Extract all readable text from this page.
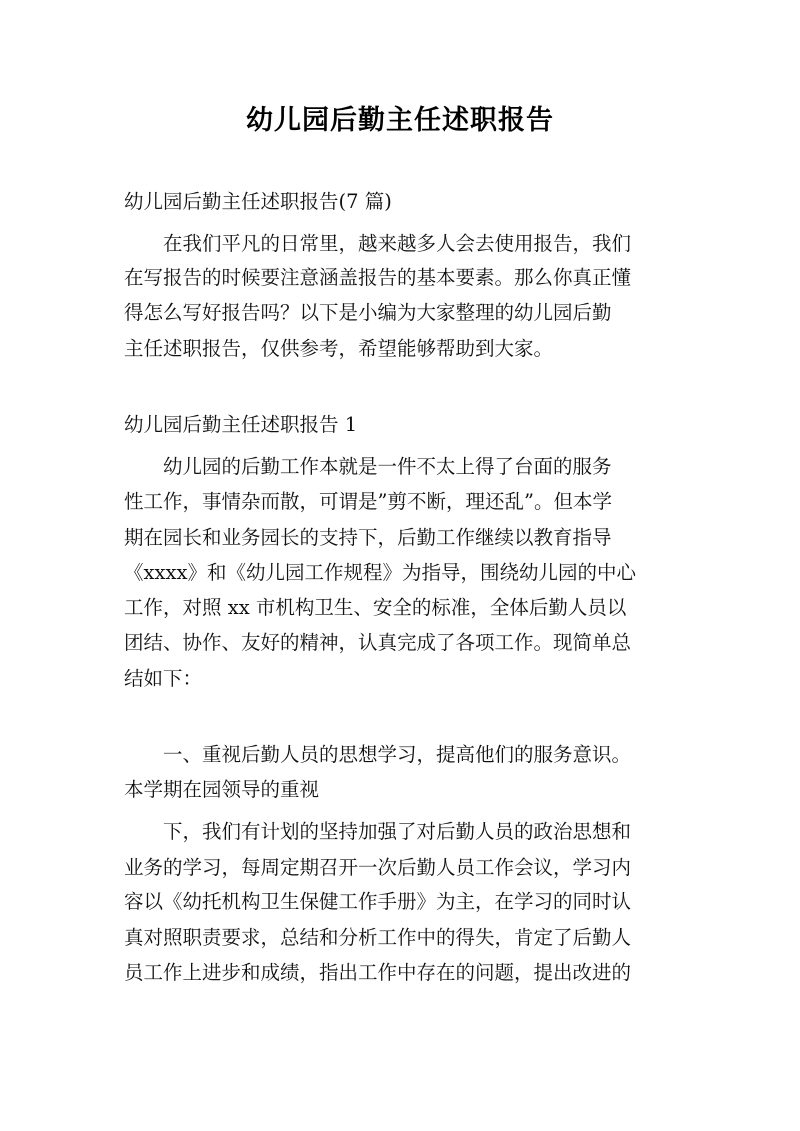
幼儿园后勤主任述职报告
幼儿园后勤主任述职报告(7 篇)
在我们平凡的日常里，越来越多人会去使用报告，我们
在写报告的时候要注意涵盖报告的基本要素。那么你真正懂
得怎么写好报告吗？以下是小编为大家整理的幼儿园后勤
主任述职报告，仅供参考，希望能够帮助到大家。
幼儿园后勤主任述职报告 1
幼儿园的后勤工作本就是一件不太上得了台面的服务
性工作，事情杂而散，可谓是”剪不断，理还乱”。但本学
期在园长和业务园长的支持下，后勤工作继续以教育指导
《xxxx》和《幼儿园工作规程》为指导，围绕幼儿园的中心
工作，对照 xx 市机构卫生、安全的标准，全体后勤人员以
团结、协作、友好的精神，认真完成了各项工作。现简单总
结如下：
一、重视后勤人员的思想学习，提高他们的服务意识。
本学期在园领导的重视
下，我们有计划的坚持加强了对后勤人员的政治思想和
业务的学习，每周定期召开一次后勤人员工作会议，学习内
容以《幼托机构卫生保健工作手册》为主，在学习的同时认
真对照职责要求，总结和分析工作中的得失，肯定了后勤人
员工作上进步和成绩，指出工作中存在的问题，提出改进的
